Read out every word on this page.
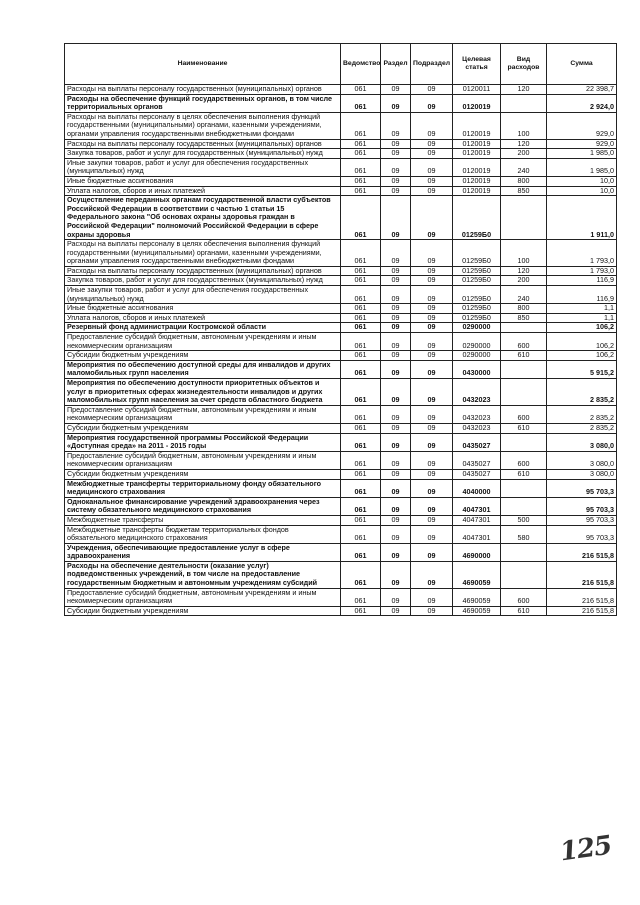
Наименование	Ведомство	Раздел	Подраздел	Целевая статья	Вид расходов	Сумма
Расходы на выплаты персоналу государственных (муниципальных) органов	061	09	09	0120011	120	22 398,7
Расходы на обеспечение функций государственных органов, в том числе территориальных органов	061	09	09	0120019		2 924,0
Расходы на выплаты персоналу в целях обеспечения выполнения функций государственными (муниципальными) органами, казенными учреждениями, органами управления государственными внебюджетными фондами	061	09	09	0120019	100	929,0
Расходы на выплаты персоналу государственных (муниципальных) органов	061	09	09	0120019	120	929,0
Закупка товаров, работ и услуг для государственных (муниципальных) нужд	061	09	09	0120019	200	1 985,0
Иные закупки товаров, работ и услуг для обеспечения государственных (муниципальных) нужд	061	09	09	0120019	240	1 985,0
Иные бюджетные ассигнования	061	09	09	0120019	800	10,0
Уплата налогов, сборов и иных платежей	061	09	09	0120019	850	10,0
Осуществление переданных органам государственной власти субъектов Российской Федерации в соответствии с частью 1 статьи 15 Федерального закона "Об основах охраны здоровья граждан в Российской Федерации" полномочий Российской Федерации в сфере охраны здоровья	061	09	09	01259Б0		1 911,0
Расходы на выплаты персоналу в целях обеспечения выполнения функций государственными (муниципальными) органами, казенными учреждениями, органами управления государственными внебюджетными фондами	061	09	09	01259Б0	100	1 793,0
Расходы на выплаты персоналу государственных (муниципальных) органов	061	09	09	01259Б0	120	1 793,0
Закупка товаров, работ и услуг для государственных (муниципальных) нужд	061	09	09	01259Б0	200	116,9
Иные закупки товаров, работ и услуг для обеспечения государственных (муниципальных) нужд	061	09	09	01259Б0	240	116,9
Иные бюджетные ассигнования	061	09	09	01259Б0	800	1,1
Уплата налогов, сборов и иных платежей	061	09	09	01259Б0	850	1,1
Резервный фонд администрации Костромской области	061	09	09	0290000		106,2
Предоставление субсидий бюджетным, автономным учреждениям и иным некоммерческим организациям	061	09	09	0290000	600	106,2
Субсидии бюджетным учреждениям	061	09	09	0290000	610	106,2
Мероприятия по обеспечению доступной среды для инвалидов и других маломобильных групп населения	061	09	09	0430000		5 915,2
Мероприятия по обеспечению доступности приоритетных объектов и услуг в приоритетных сферах жизнедеятельности инвалидов и других маломобильных групп населения за счет средств областного бюджета	061	09	09	0432023		2 835,2
Предоставление субсидий бюджетным, автономным учреждениям и иным некоммерческим организациям	061	09	09	0432023	600	2 835,2
Субсидии бюджетным учреждениям	061	09	09	0432023	610	2 835,2
Мероприятия государственной программы Российской Федерации «Доступная среда» на 2011 - 2015 годы	061	09	09	0435027		3 080,0
Предоставление субсидий бюджетным, автономным учреждениям и иным некоммерческим организациям	061	09	09	0435027	600	3 080,0
Субсидии бюджетным учреждениям	061	09	09	0435027	610	3 080,0
Межбюджетные трансферты территориальному фонду обязательного медицинского страхования	061	09	09	4040000		95 703,3
Одноканальное финансирование учреждений здравоохранения через систему обязательного медицинского страхования	061	09	09	4047301		95 703,3
Межбюджетные трансферты	061	09	09	4047301	500	95 703,3
Межбюджетные трансферты бюджетам территориальных фондов обязательного медицинского страхования	061	09	09	4047301	580	95 703,3
Учреждения, обеспечивающие предоставление услуг в сфере здравоохранения	061	09	09	4690000		216 515,8
Расходы на обеспечение деятельности (оказание услуг) подведомственных учреждений, в том числе на предоставление государственным бюджетным и автономным учреждениям субсидий	061	09	09	4690059		216 515,8
Предоставление субсидий бюджетным, автономным учреждениям и иным некоммерческим организациям	061	09	09	4690059	600	216 515,8
Субсидии бюджетным учреждениям	061	09	09	4690059	610	216 515,8
125
